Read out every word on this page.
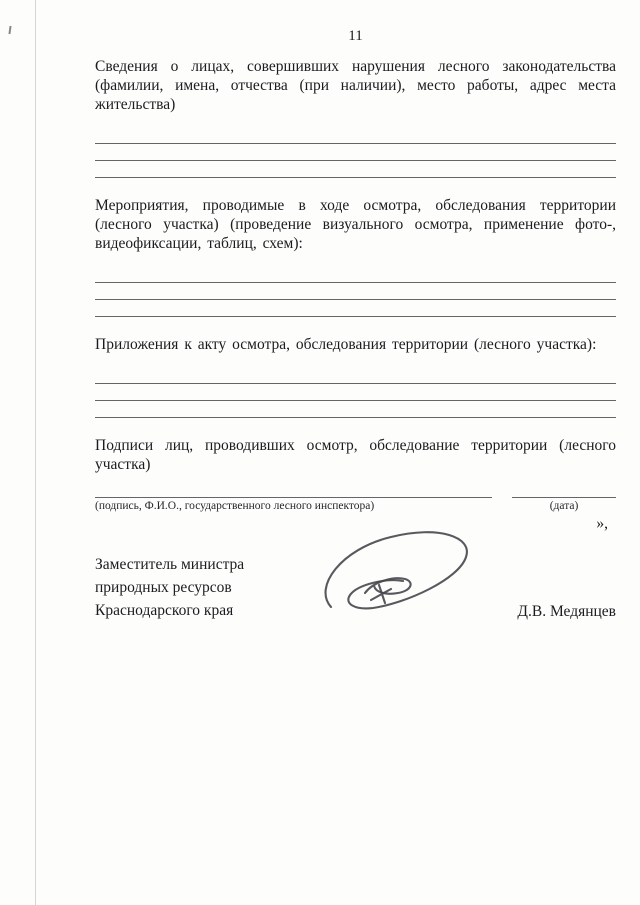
11

Сведения о лицах, совершивших нарушения лесного законодательства (фамилии, имена, отчества (при наличии), место работы, адрес места жительства)

Мероприятия, проводимые в ходе осмотра, обследования территории (лесного участка) (проведение визуального осмотра, применение фото-, видеофиксации, таблиц, схем):

Приложения к акту осмотра, обследования территории (лесного участка):

Подписи лиц, проводивших осмотр, обследование территории (лесного участка)

(подпись, Ф.И.О., государственного лесного инспектора)	(дата)
»,
Заместитель министра
природных ресурсов
Краснодарского края	Д.В. Медянцев
